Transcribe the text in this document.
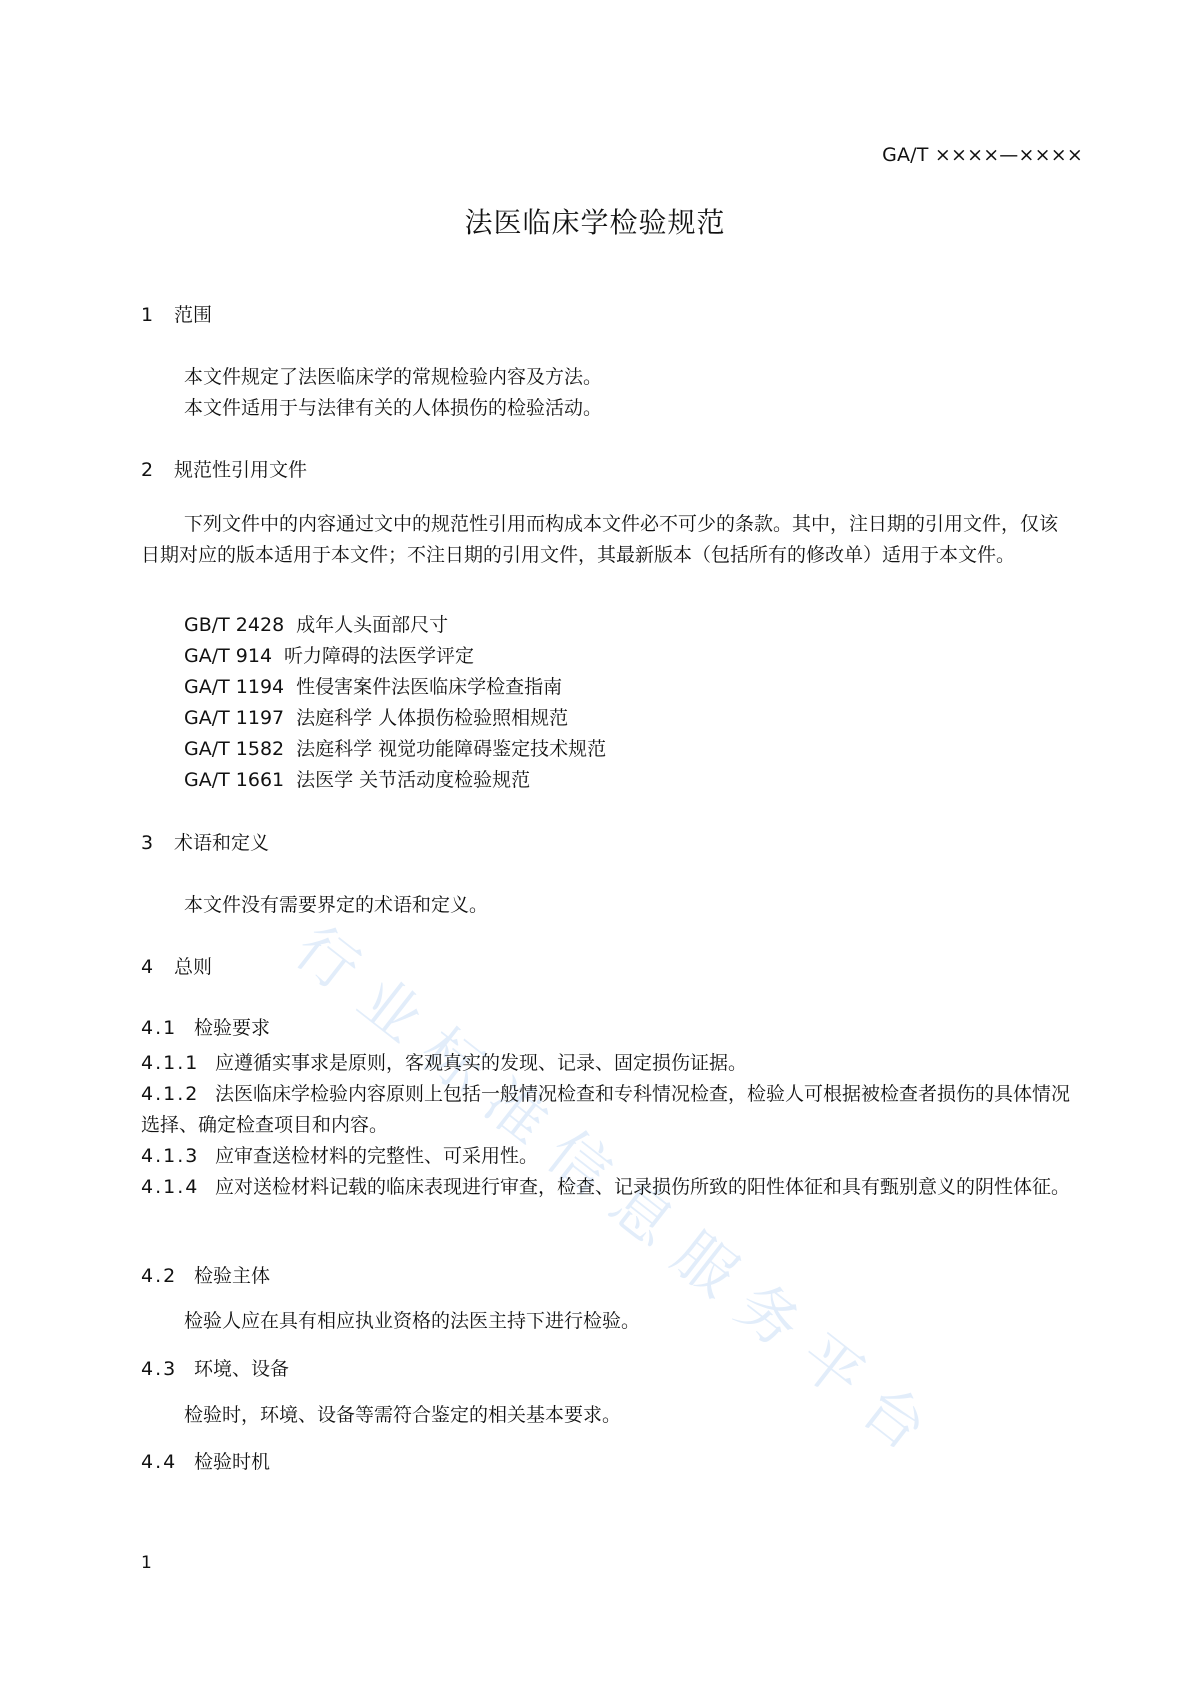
行
业
标
准
信
息
服
务
平
台
GA/T ××××—××××
法医临床学检验规范
1 范围
本文件规定了法医临床学的常规检验内容及方法。
本文件适用于与法律有关的人体损伤的检验活动。
2 规范性引用文件
下列文件中的内容通过文中的规范性引用而构成本文件必不可少的条款。其中，注日期的引用文件，仅该日期对应的版本适用于本文件；不注日期的引用文件，其最新版本（包括所有的修改单）适用于本文件。
GB/T 2428 成年人头面部尺寸
GA/T 914 听力障碍的法医学评定
GA/T 1194 性侵害案件法医临床学检查指南
GA/T 1197 法庭科学 人体损伤检验照相规范
GA/T 1582 法庭科学 视觉功能障碍鉴定技术规范
GA/T 1661 法医学 关节活动度检验规范
3 术语和定义
本文件没有需要界定的术语和定义。
4 总则
4.1 检验要求
4.1.1 应遵循实事求是原则，客观真实的发现、记录、固定损伤证据。
4.1.2 法医临床学检验内容原则上包括一般情况检查和专科情况检查，检验人可根据被检查者损伤的具体情况选择、确定检查项目和内容。
4.1.3 应审查送检材料的完整性、可采用性。
4.1.4 应对送检材料记载的临床表现进行审查，检查、记录损伤所致的阳性体征和具有甄别意义的阴性体征。
4.2 检验主体
检验人应在具有相应执业资格的法医主持下进行检验。
4.3 环境、设备
检验时，环境、设备等需符合鉴定的相关基本要求。
4.4 检验时机
1
